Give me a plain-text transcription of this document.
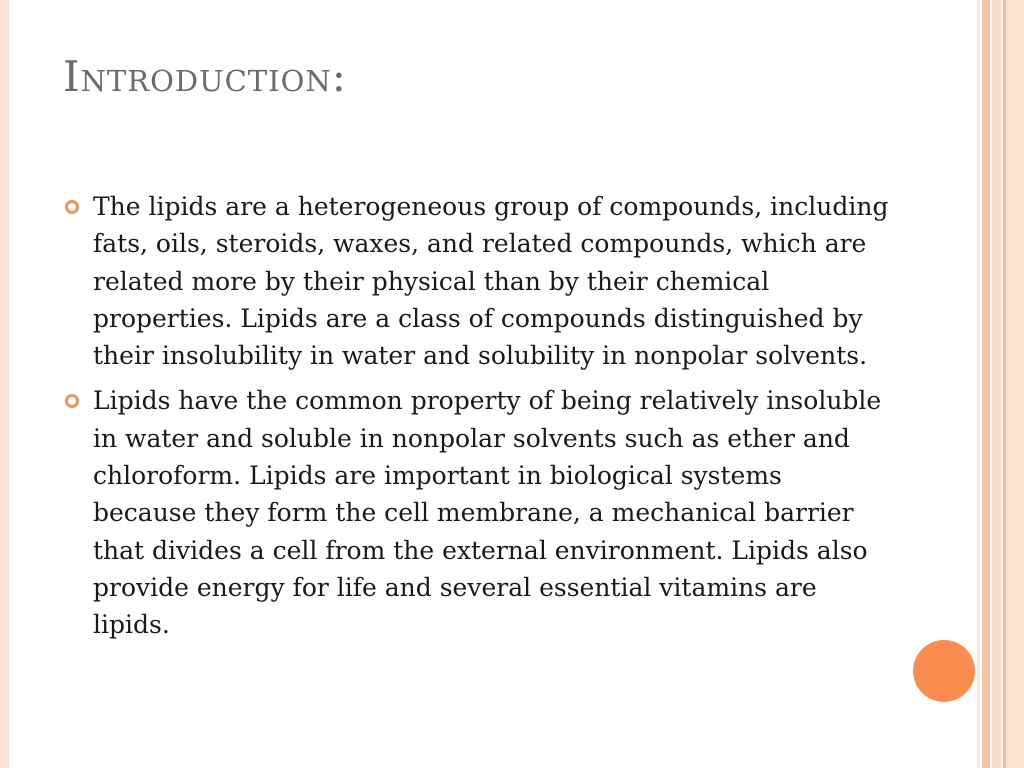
Introduction:
The lipids are a heterogeneous group of compounds, including fats, oils, steroids, waxes, and related compounds, which are related more by their physical than by their chemical properties. Lipids are a class of compounds distinguished by their insolubility in water and solubility in nonpolar solvents.
Lipids have the common property of being relatively insoluble in water and soluble in nonpolar solvents such as ether and chloroform. Lipids are important in biological systems because they form the cell membrane, a mechanical barrier that divides a cell from the external environment. Lipids also provide energy for life and several essential vitamins are lipids.
